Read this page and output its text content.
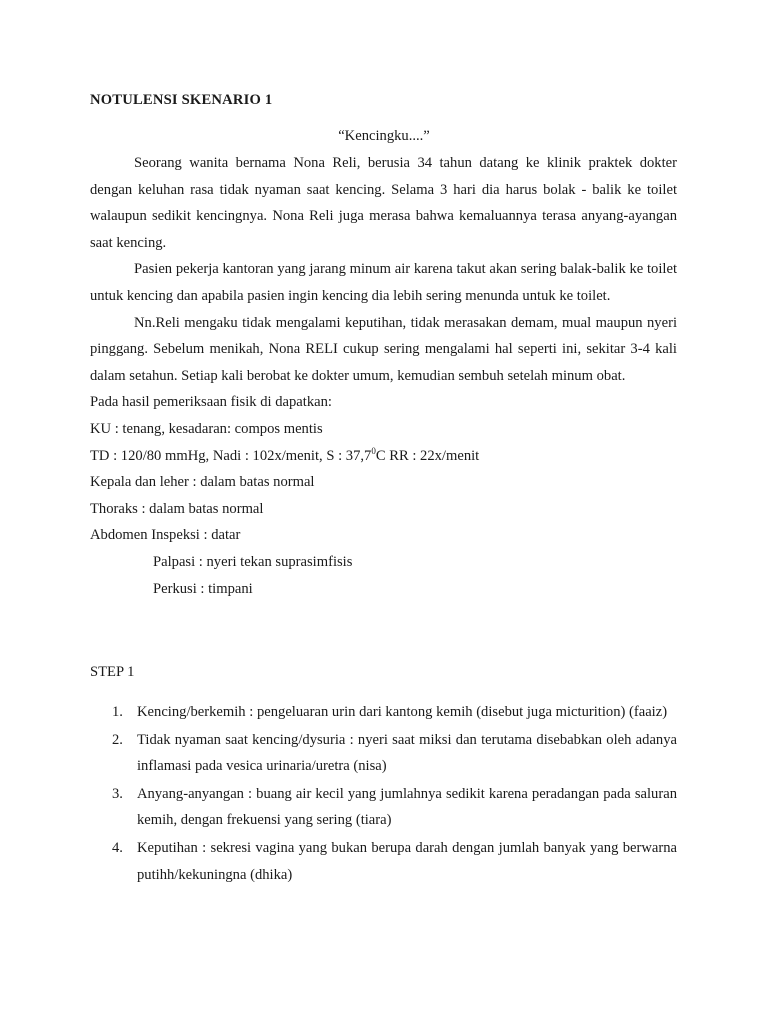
NOTULENSI SKENARIO 1
“Kencingku....”

Seorang wanita bernama Nona Reli, berusia 34 tahun datang ke klinik praktek dokter dengan keluhan rasa tidak nyaman saat kencing. Selama 3 hari dia harus bolak - balik ke toilet walaupun sedikit kencingnya. Nona Reli juga merasa bahwa kemaluannya terasa anyang-ayangan saat kencing.

Pasien pekerja kantoran yang jarang minum air karena takut akan sering balak-balik ke toilet untuk kencing dan apabila pasien ingin kencing dia lebih sering menunda untuk ke toilet.

Nn.Reli mengaku tidak mengalami keputihan, tidak merasakan demam, mual maupun nyeri pinggang. Sebelum menikah, Nona RELI cukup sering mengalami hal seperti ini, sekitar 3-4 kali dalam setahun. Setiap kali berobat ke dokter umum, kemudian sembuh setelah minum obat.

Pada hasil pemeriksaan fisik di dapatkan:

KU : tenang, kesadaran: compos mentis

TD : 120/80 mmHg, Nadi : 102x/menit, S : 37,7$^0$C RR : 22x/menit

Kepala dan leher : dalam batas normal

Thoraks : dalam batas normal

Abdomen Inspeksi : datar

Palpasi : nyeri tekan suprasimfisis

Perkusi : timpani

STEP 1
1. Kencing/berkemih : pengeluaran urin dari kantong kemih (disebut juga micturition) (faaiz)
2. Tidak nyaman saat kencing/dysuria : nyeri saat miksi dan terutama disebabkan oleh adanya inflamasi pada vesica urinaria/uretra (nisa)
3. Anyang-anyangan : buang air kecil yang jumlahnya sedikit karena peradangan pada saluran kemih, dengan frekuensi yang sering (tiara)
4. Keputihan : sekresi vagina yang bukan berupa darah dengan jumlah banyak yang berwarna putihh/kekuningna (dhika)
